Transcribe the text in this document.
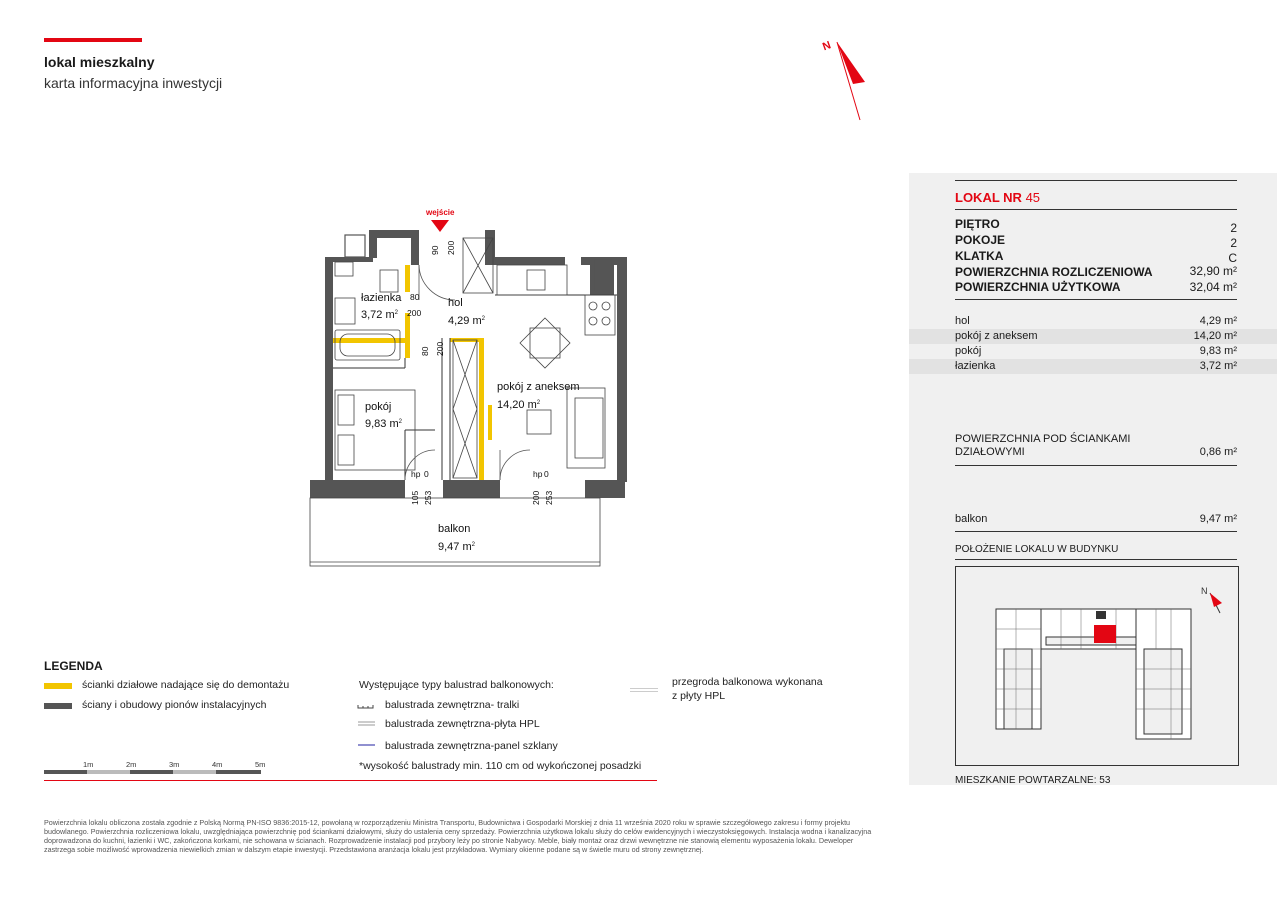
lokal mieszkalny
karta informacyjna inwestycji
N
wejście
łazienka
3,72 $m^2$
hol
4,29 $m^2$
pokój z aneksem
14,20 $m^2$
pokój
9,83 $m^2$
balkon
9,47 $m^2$
90 200
80
200
80 200
hp 0
105 253
hp 0
200 253
LOKAL NR 45
PIĘTRO	2
POKOJE	2
KLATKA	C
POWIERZCHNIA ROZLICZENIOWA	32,90 m²
POWIERZCHNIA UŻYTKOWA	32,04 m²
hol	4,29 m²
pokój z aneksem	14,20 m²
pokój	9,83 m²
łazienka	3,72 m²
POWIERZCHNIA POD ŚCIANKAMI
DZIAŁOWYMI	0,86 m²
balkon	9,47 m²
POŁOŻENIE LOKALU W BUDYNKU
MIESZKANIE POWTARZALNE: 53
N
LEGENDA
ścianki działowe nadające się do demontażu
ściany i obudowy pionów instalacyjnych
Występujące typy balustrad balkonowych:
balustrada zewnętrzna- tralki
balustrada zewnętrzna-płyta HPL
balustrada zewnętrzna-panel szklany
*wysokość balustrady min. 110 cm od wykończonej posadzki
przegroda balkonowa wykonana
z płyty HPL
1m	2m	3m	4m	5m
Powierzchnia lokalu obliczona została zgodnie z Polską Normą PN-ISO 9836:2015-12, powołaną w rozporządzeniu Ministra Transportu, Budownictwa i Gospodarki Morskiej z dnia 11 września 2020 roku w sprawie szczegółowego zakresu i formy projektu budowlanego. Powierzchnia rozliczeniowa lokalu, uwzględniająca powierzchnię pod ściankami działowymi, służy do ustalenia ceny sprzedaży. Powierzchnia użytkowa lokalu służy do celów ewidencyjnych i wieczystoksięgowych. Instalacja wodna i kanalizacyjna doprowadzona do kuchni, łazienki i WC, zakończona korkami, nie schowana w ścianach. Rozprowadzenie instalacji pod przybory leży po stronie Nabywcy. Meble, biały montaż oraz drzwi wewnętrzne nie stanowią elementu wyposażenia lokalu. Deweloper zastrzega sobie możliwość wprowadzenia niewielkich zmian w dalszym etapie inwestycji. Przedstawiona aranżacja lokalu jest przykładowa. Wymiary okienne podane są w świetle muru od strony zewnętrznej.
